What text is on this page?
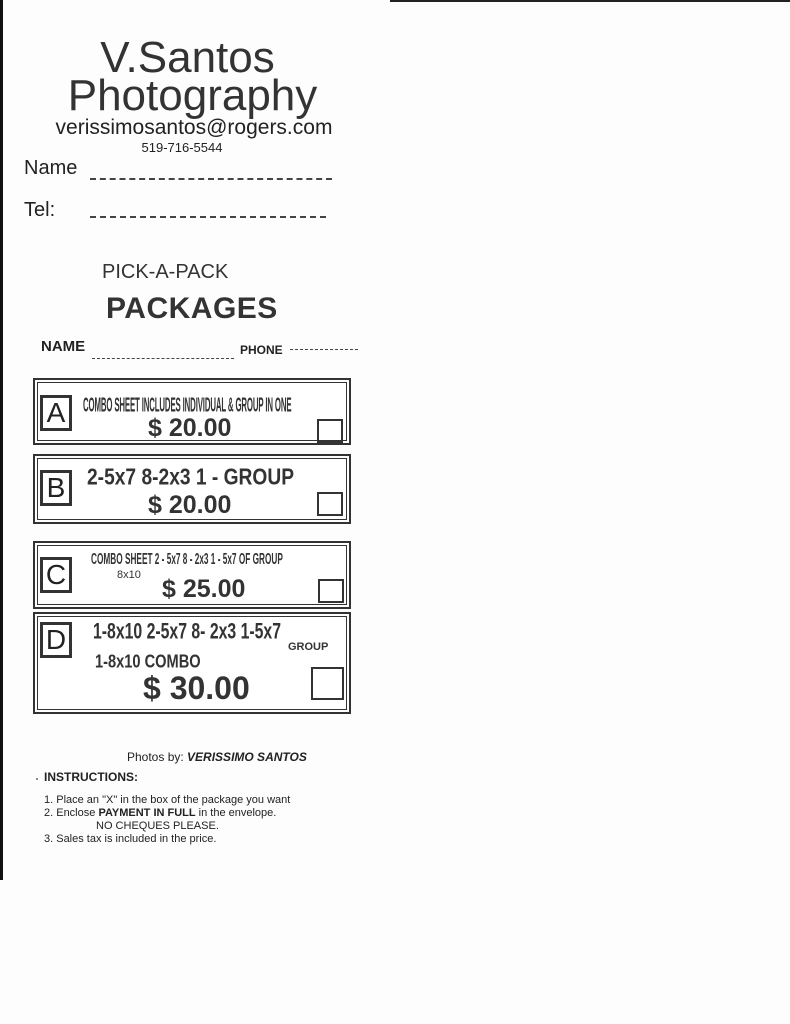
V.Santos
Photography
verissimosantos@rogers.com
519-716-5544
Name
Tel:
PICK-A-PACK
PACKAGES
NAME	PHONE
A	COMBO SHEET INCLUDES INDIVIDUAL & GROUP IN ONE
$ 20.00
B	2-5x7 8-2x3 1 - GROUP
$ 20.00
C
COMBO SHEET 2 - 5x7 8 - 2x3 1 - 5x7 OF GROUP
8x10 $ 25.00
D 1-8x10 2-5x7 8- 2x3 1-5x7
GROUP
1-8x10 COMBO
$ 30.00
Photos by: VERISSIMO SANTOS
INSTRUCTIONS:
1. Place an "X" in the box of the package you want
2. Enclose PAYMENT IN FULL in the envelope.
NO CHEQUES PLEASE.
3. Sales tax is included in the price.
